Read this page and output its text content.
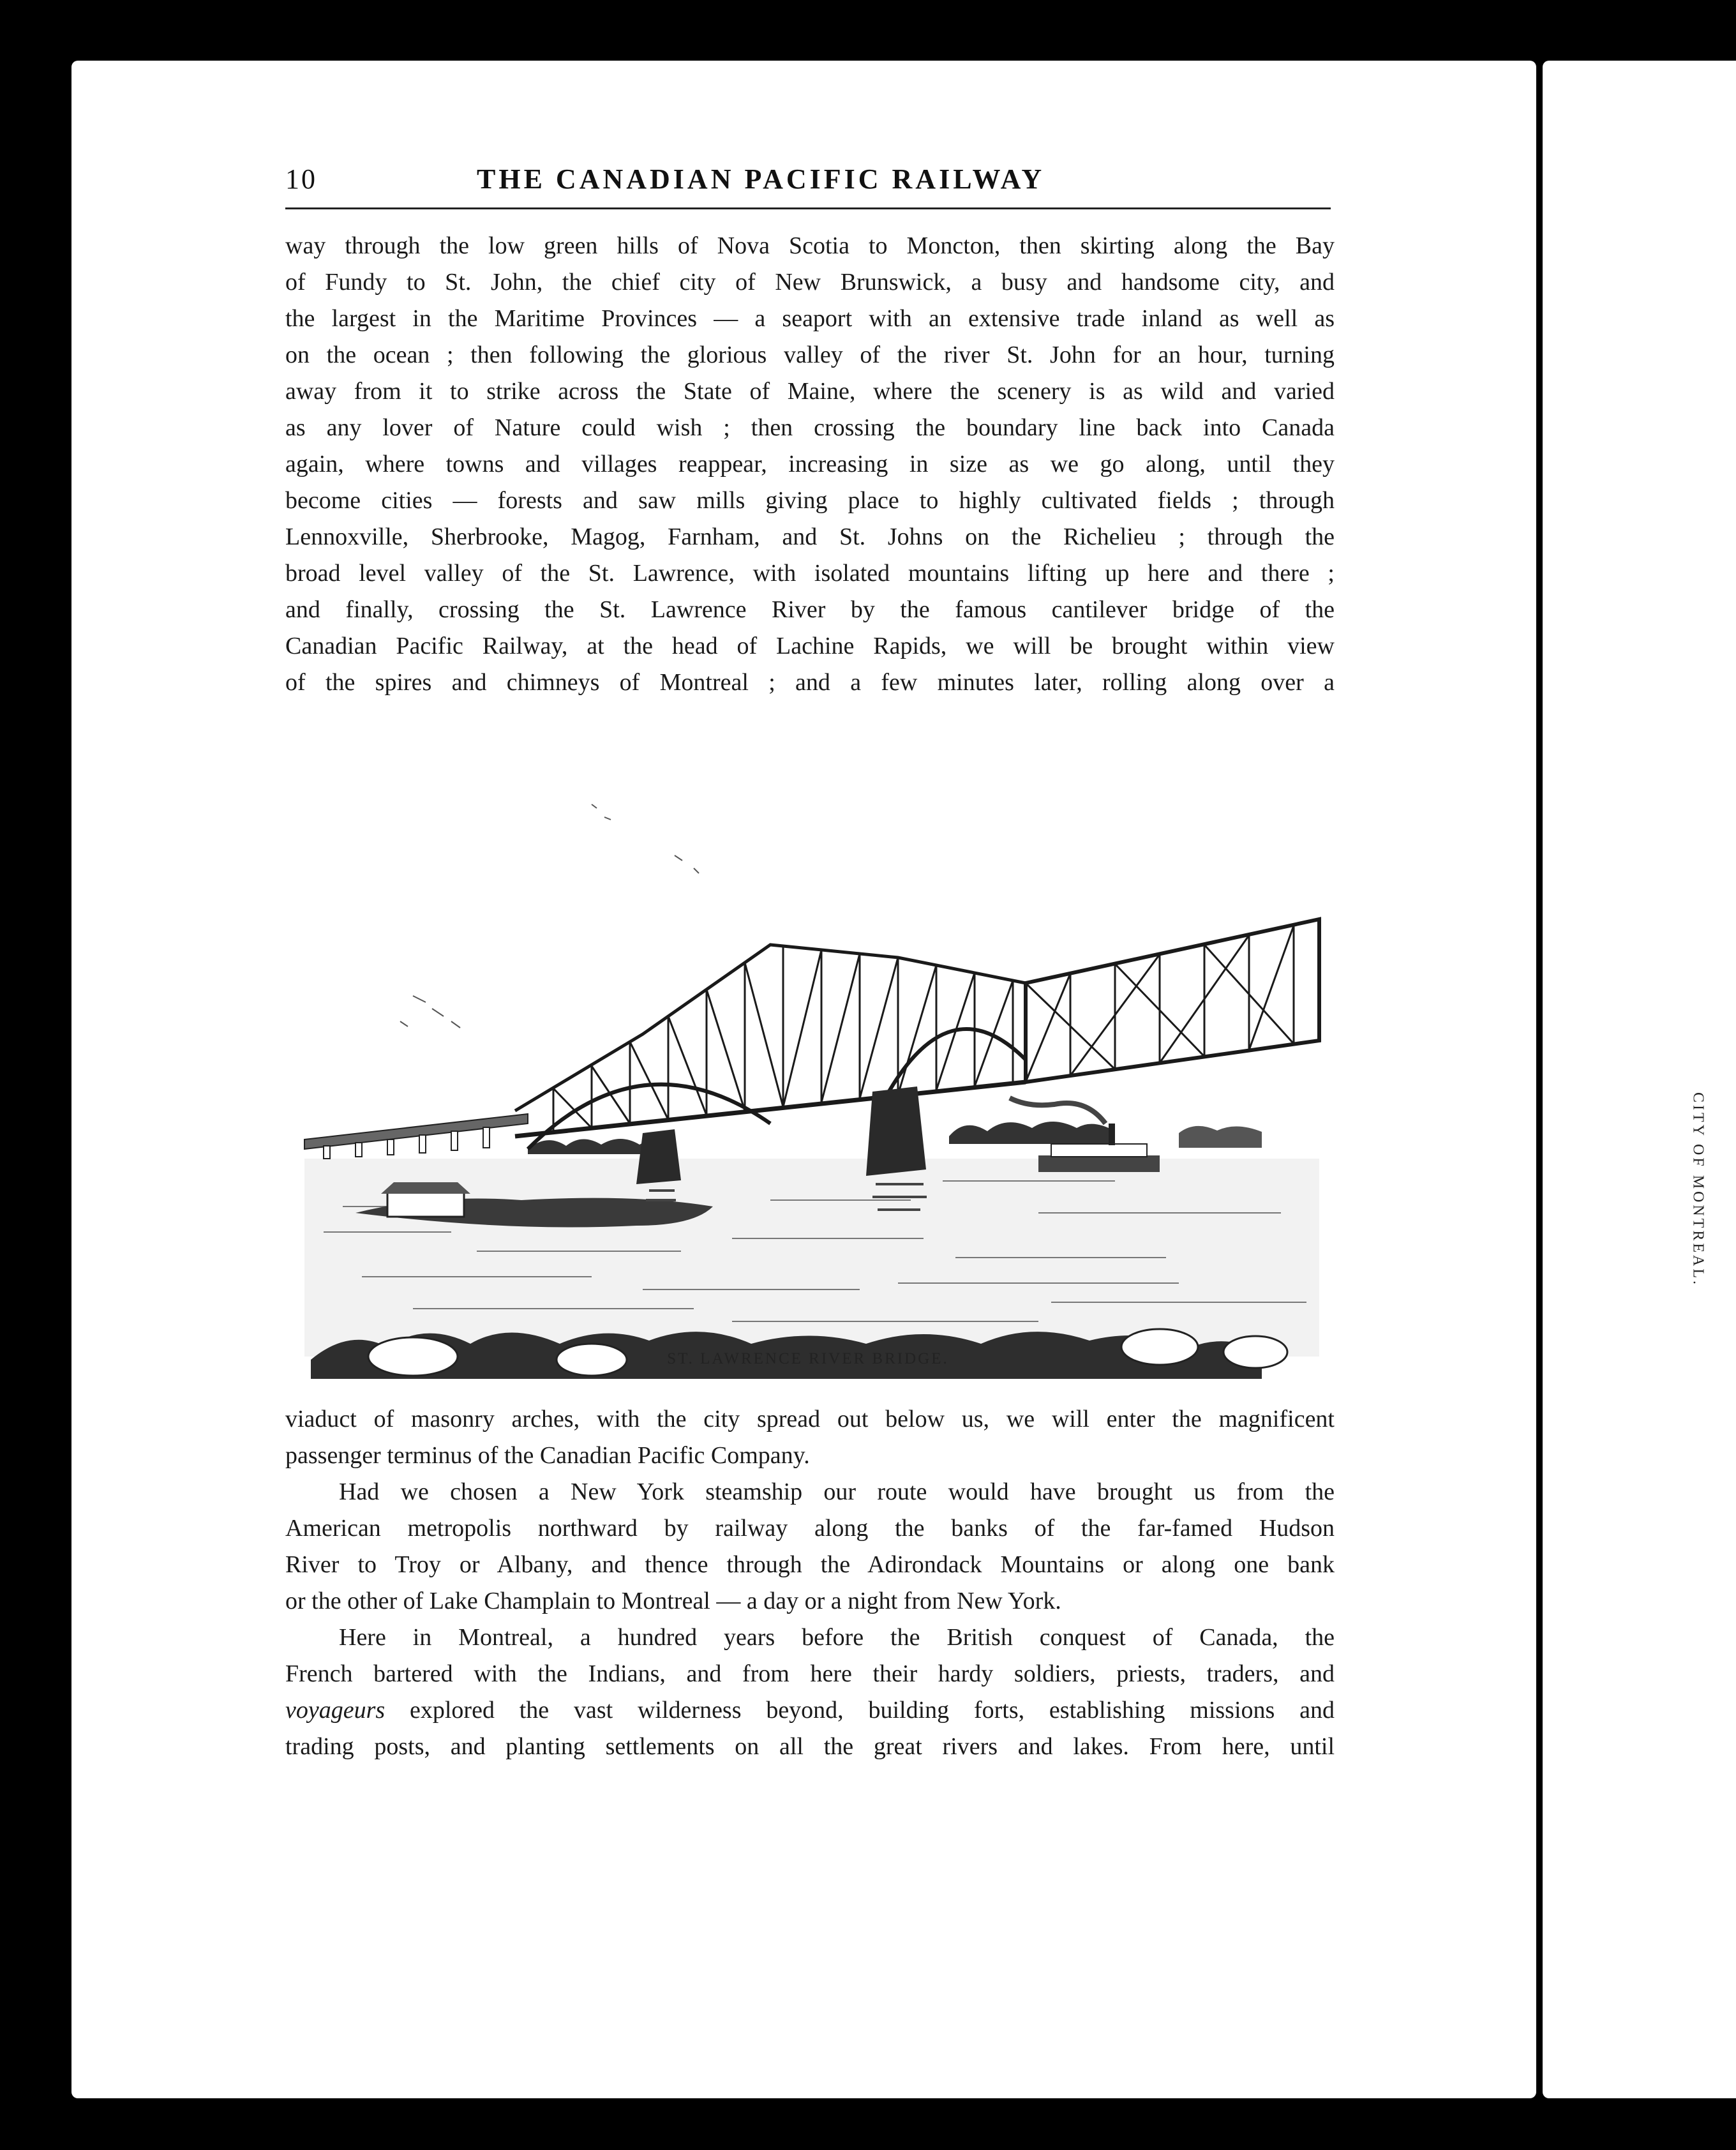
10	THE CANADIAN PACIFIC RAILWAY

way through the low green hills of Nova Scotia to Moncton, then skirting along the Bay

of Fundy to St. John, the chief city of New Brunswick, a busy and handsome city, and

the largest in the Maritime Provinces — a seaport with an extensive trade inland as well as

on the ocean ; then following the glorious valley of the river St. John for an hour, turning

away from it to strike across the State of Maine, where the scenery is as wild and varied

as any lover of Nature could wish ; then crossing the boundary line back into Canada

again, where towns and villages reappear, increasing in size as we go along, until they

become cities — forests and saw mills giving place to highly cultivated fields ; through

Lennoxville, Sherbrooke, Magog, Farnham, and St. Johns on the Richelieu ; through the

broad level valley of the St. Lawrence, with isolated mountains lifting up here and there ;

and finally, crossing the St. Lawrence River by the famous cantilever bridge of the

Canadian Pacific Railway, at the head of Lachine Rapids, we will be brought within view

of the spires and chimneys of Montreal ; and a few minutes later, rolling along over a

ST. LAWRENCE RIVER BRIDGE.

viaduct of masonry arches, with the city spread out below us, we will enter the magnificent

passenger terminus of the Canadian Pacific Company.

Had we chosen a New York steamship our route would have brought us from the

American metropolis northward by railway along the banks of the far-famed Hudson

River to Troy or Albany, and thence through the Adirondack Mountains or along one bank

or the other of Lake Champlain to Montreal — a day or a night from New York.

Here in Montreal, a hundred years before the British conquest of Canada, the

French bartered with the Indians, and from here their hardy soldiers, priests, traders, and

voyageurs explored the vast wilderness beyond, building forts, establishing missions and

trading posts, and planting settlements on all the great rivers and lakes. From here, until

CITY OF MONTREAL.
